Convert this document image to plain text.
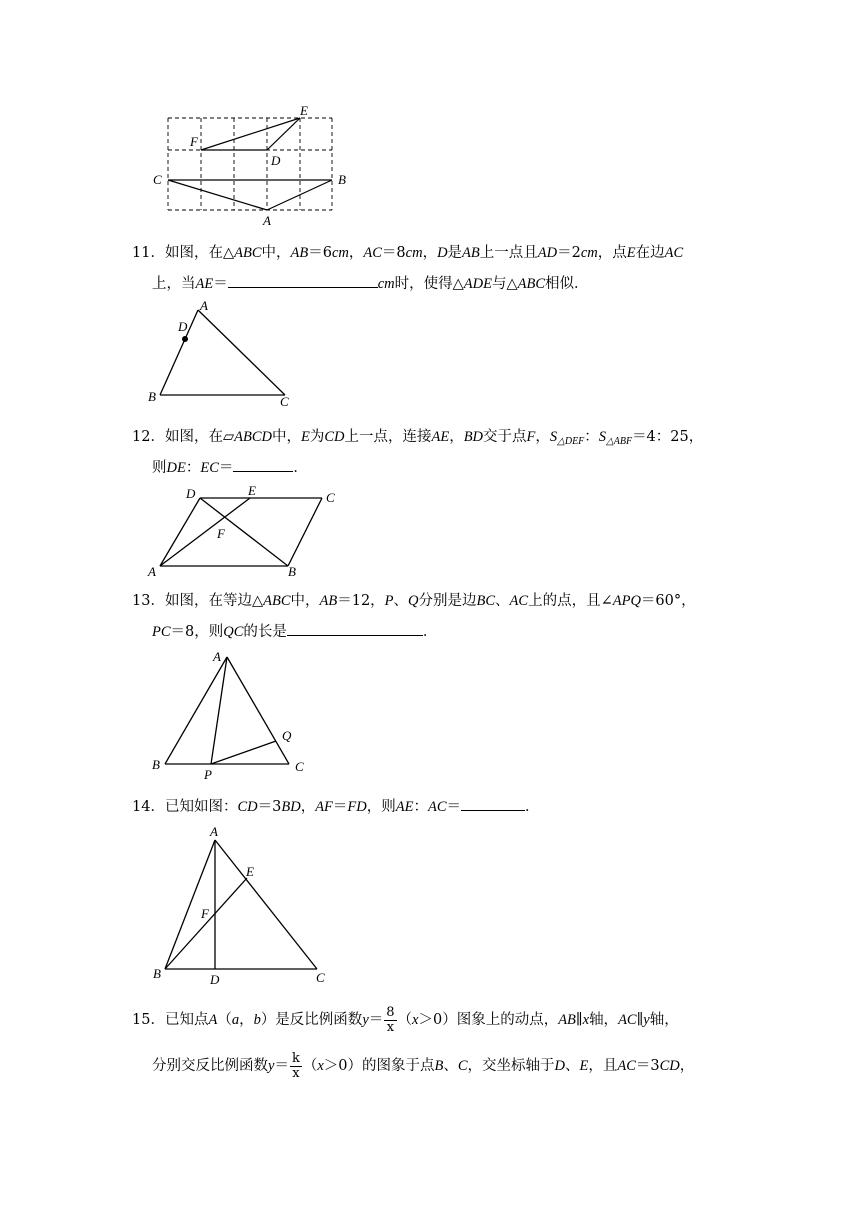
E
F
D
C	B
A
11．如图，在△ABC中，AB＝6cm，AC＝8cm，D是AB上一点且AD＝2cm，点E在边AC
上，当AE＝	cm时，使得△ADE与△ABC相似．
A
D
B	C
12．如图，在▱ABCD中，E为CD上一点，连接AE，BD交于点F，$S_{\triangle DEF}$：$S_{\triangle ABF}=4$：25，
则DE：EC＝	．
D	E	C
F
A	B
13．如图，在等边△ABC中，AB＝12，P、Q分别是边BC、AC上的点，且∠APQ＝60°，
PC＝8，则QC的长是	．
A
Q
B
P
C
14．已知如图：CD＝3BD，AF＝FD，则AE：AC＝	．
A
E
F
B	D	C
15．已知点A（a，b）是反比例函数$y= \frac{8}{x} (x>0)$图象上的动点，AB∥x轴，AC∥y轴，
分别交反比例函数$y= \frac{k}{x} (x>0)$的图象于点B、C，交坐标轴于D、E，且AC＝3CD，
